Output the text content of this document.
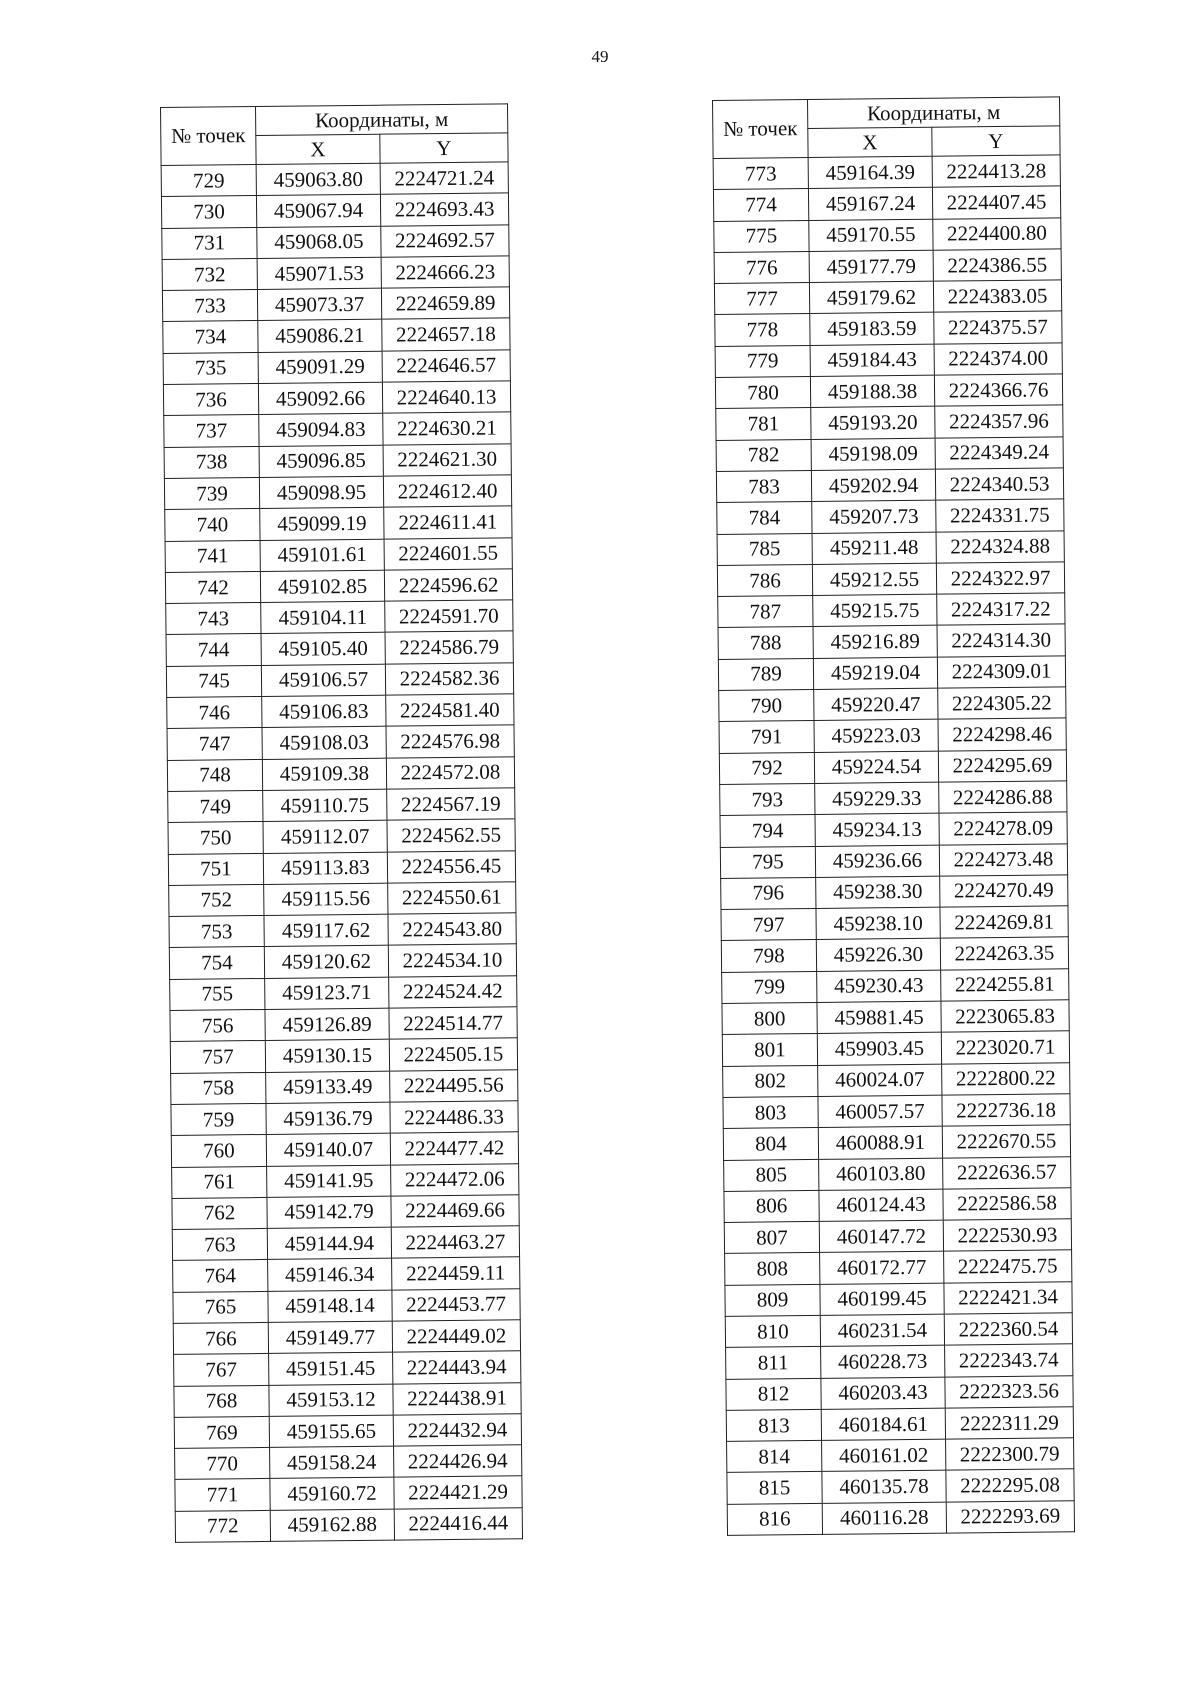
49
№ точек	Координаты, м	
	X	Y
729	459063.80	2224721.24
730	459067.94	2224693.43
731	459068.05	2224692.57
732	459071.53	2224666.23
733	459073.37	2224659.89
734	459086.21	2224657.18
735	459091.29	2224646.57
736	459092.66	2224640.13
737	459094.83	2224630.21
738	459096.85	2224621.30
739	459098.95	2224612.40
740	459099.19	2224611.41
741	459101.61	2224601.55
742	459102.85	2224596.62
743	459104.11	2224591.70
744	459105.40	2224586.79
745	459106.57	2224582.36
746	459106.83	2224581.40
747	459108.03	2224576.98
748	459109.38	2224572.08
749	459110.75	2224567.19
750	459112.07	2224562.55
751	459113.83	2224556.45
752	459115.56	2224550.61
753	459117.62	2224543.80
754	459120.62	2224534.10
755	459123.71	2224524.42
756	459126.89	2224514.77
757	459130.15	2224505.15
758	459133.49	2224495.56
759	459136.79	2224486.33
760	459140.07	2224477.42
761	459141.95	2224472.06
762	459142.79	2224469.66
763	459144.94	2224463.27
764	459146.34	2224459.11
765	459148.14	2224453.77
766	459149.77	2224449.02
767	459151.45	2224443.94
768	459153.12	2224438.91
769	459155.65	2224432.94
770	459158.24	2224426.94
771	459160.72	2224421.29
772	459162.88	2224416.44
№ точек	Координаты, м	
	X	Y
773	459164.39	2224413.28
774	459167.24	2224407.45
775	459170.55	2224400.80
776	459177.79	2224386.55
777	459179.62	2224383.05
778	459183.59	2224375.57
779	459184.43	2224374.00
780	459188.38	2224366.76
781	459193.20	2224357.96
782	459198.09	2224349.24
783	459202.94	2224340.53
784	459207.73	2224331.75
785	459211.48	2224324.88
786	459212.55	2224322.97
787	459215.75	2224317.22
788	459216.89	2224314.30
789	459219.04	2224309.01
790	459220.47	2224305.22
791	459223.03	2224298.46
792	459224.54	2224295.69
793	459229.33	2224286.88
794	459234.13	2224278.09
795	459236.66	2224273.48
796	459238.30	2224270.49
797	459238.10	2224269.81
798	459226.30	2224263.35
799	459230.43	2224255.81
800	459881.45	2223065.83
801	459903.45	2223020.71
802	460024.07	2222800.22
803	460057.57	2222736.18
804	460088.91	2222670.55
805	460103.80	2222636.57
806	460124.43	2222586.58
807	460147.72	2222530.93
808	460172.77	2222475.75
809	460199.45	2222421.34
810	460231.54	2222360.54
811	460228.73	2222343.74
812	460203.43	2222323.56
813	460184.61	2222311.29
814	460161.02	2222300.79
815	460135.78	2222295.08
816	460116.28	2222293.69
